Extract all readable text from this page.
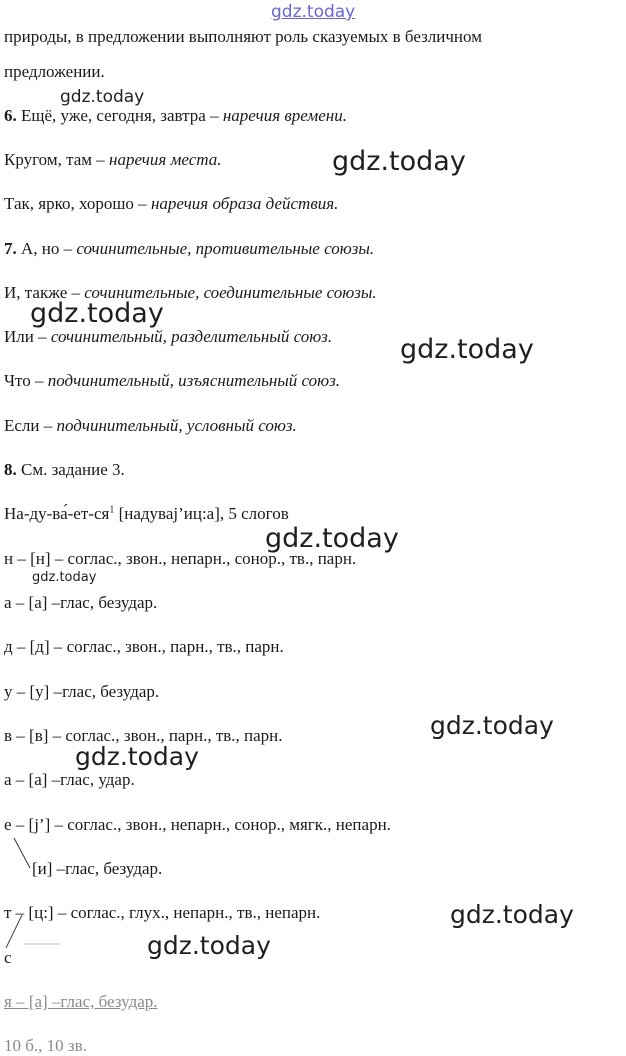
gdz.today
gdz.today
gdz.today
gdz.today
gdz.today
gdz.today
gdz.today
gdz.today
gdz.today
gdz.today
gdz.today
природы, в предложении выполняют роль сказуемых в безличном
предложении.
6. Ещё, уже, сегодня, завтра – наречия времени.
Кругом, там – наречия места.
Так, ярко, хорошо – наречия образа действия.
7. А, но – сочинительные, противительные союзы.
И, также – сочинительные, соединительные союзы.
Или – сочинительный, разделительный союз.
Что – подчинительный, изъяснительный союз.
Если – подчинительный, условный союз.
8. См. задание 3.
$На-ду-ва́-ет-ся^1$ [надуваj’иц:а], 5 слогов
н – [н] – соглас., звон., непарн., сонор., тв., парн.
а – [а] –глас, безудар.
д – [д] – соглас., звон., парн., тв., парн.
у – [у] –глас, безудар.
в – [в] – соглас., звон., парн., тв., парн.
а – [а] –глас, удар.
е – [j’] – соглас., звон., непарн., сонор., мягк., непарн.
[и] –глас, безудар.
т – [ц:] – соглас., глух., непарн., тв., непарн.
с
я – [а] –глас, безудар.
10 б., 10 зв.
